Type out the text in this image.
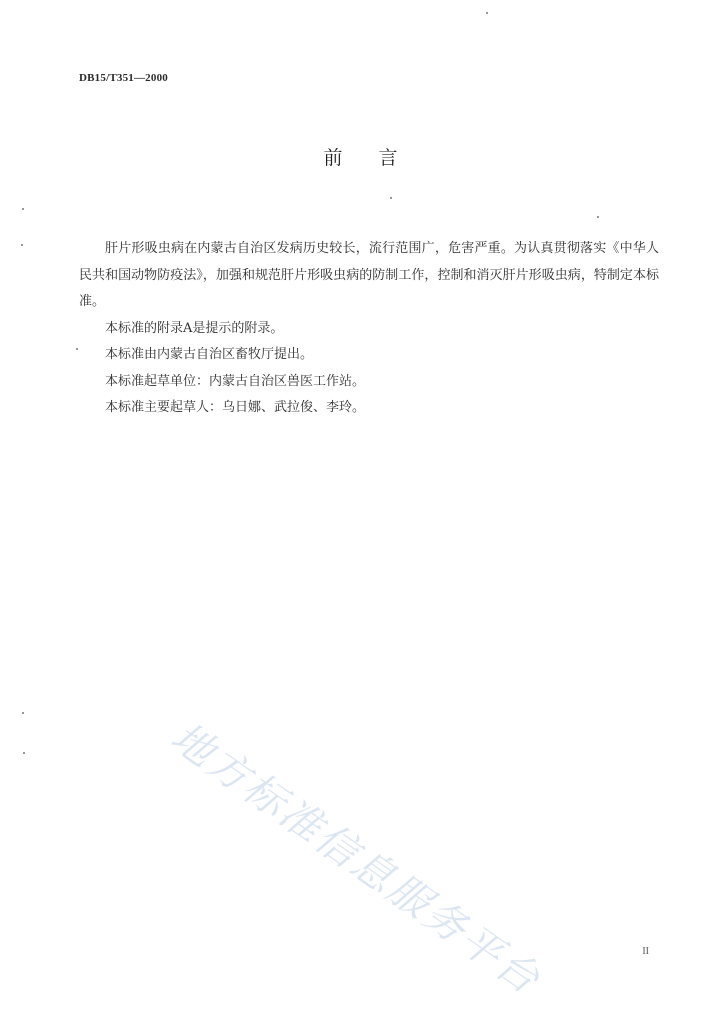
DB15/T351—2000
前言

肝片形吸虫病在内蒙古自治区发病历史较长，流行范围广，危害严重。为认真贯彻落实《中华人民共和国动物防疫法》，加强和规范肝片形吸虫病的防制工作，控制和消灭肝片形吸虫病，特制定本标准。

本标准的附录A是提示的附录。

本标准由内蒙古自治区畜牧厅提出。

本标准起草单位：内蒙古自治区兽医工作站。

本标准主要起草人：乌日娜、武拉俊、李玲。

地方标准信息服务平台	II
